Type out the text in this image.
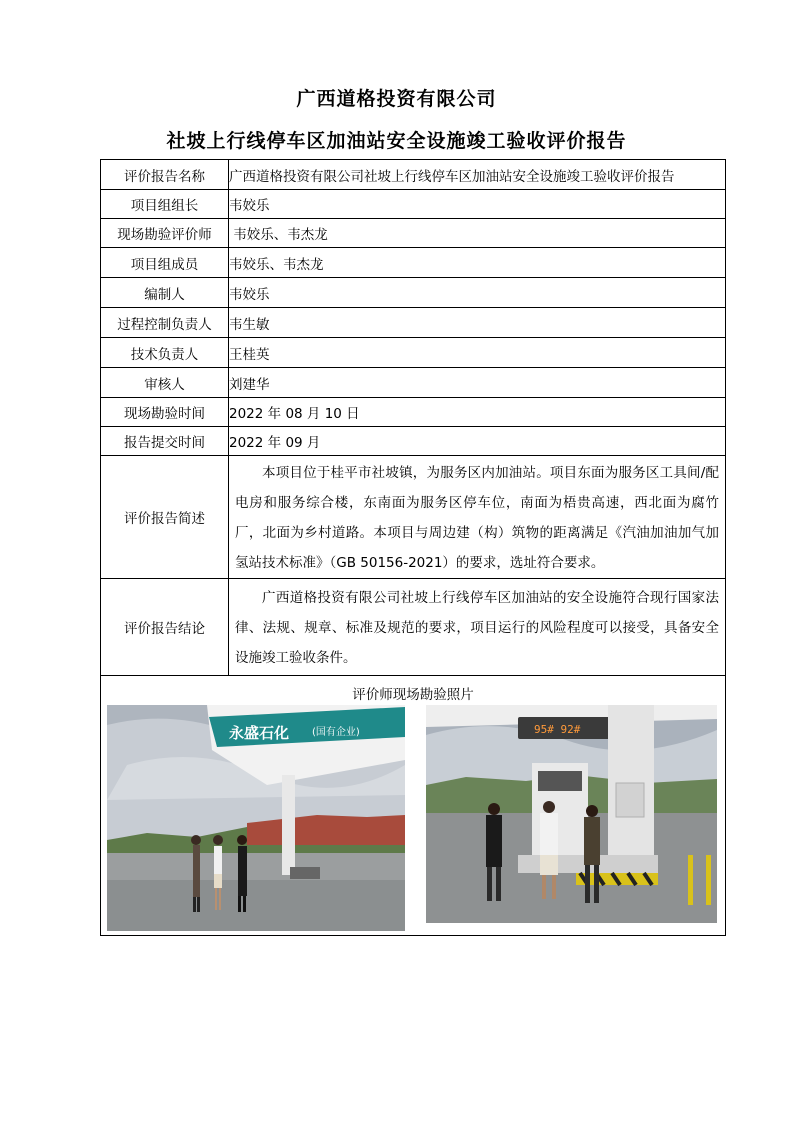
广西道格投资有限公司
社坡上行线停车区加油站安全设施竣工验收评价报告
评价报告名称	广西道格投资有限公司社坡上行线停车区加油站安全设施竣工验收评价报告
项目组组长	韦姣乐
现场勘验评价师	韦姣乐、韦杰龙
项目组成员	韦姣乐、韦杰龙
编制人	韦姣乐
过程控制负责人	韦生敏
技术负责人	王桂英
审核人	刘建华
现场勘验时间	2022 年 08 月 10 日
报告提交时间	2022 年 09 月
评价报告简述	本项目位于桂平市社坡镇，为服务区内加油站。项目东面为服务区工具间/配电房和服务综合楼，东南面为服务区停车位，南面为梧贵高速，西北面为腐竹厂，北面为乡村道路。本项目与周边建（构）筑物的距离满足《汽油加油加气加氢站技术标准》（GB 50156-2021）的要求，选址符合要求。

评价报告结论	广西道格投资有限公司社坡上行线停车区加油站的安全设施符合现行国家法律、法规、规章、标准及规范的要求，项目运行的风险程度可以接受，具备安全设施竣工验收条件。

评价师现场勘验照片
永盛石化 (国有企业) 95# 92#	
